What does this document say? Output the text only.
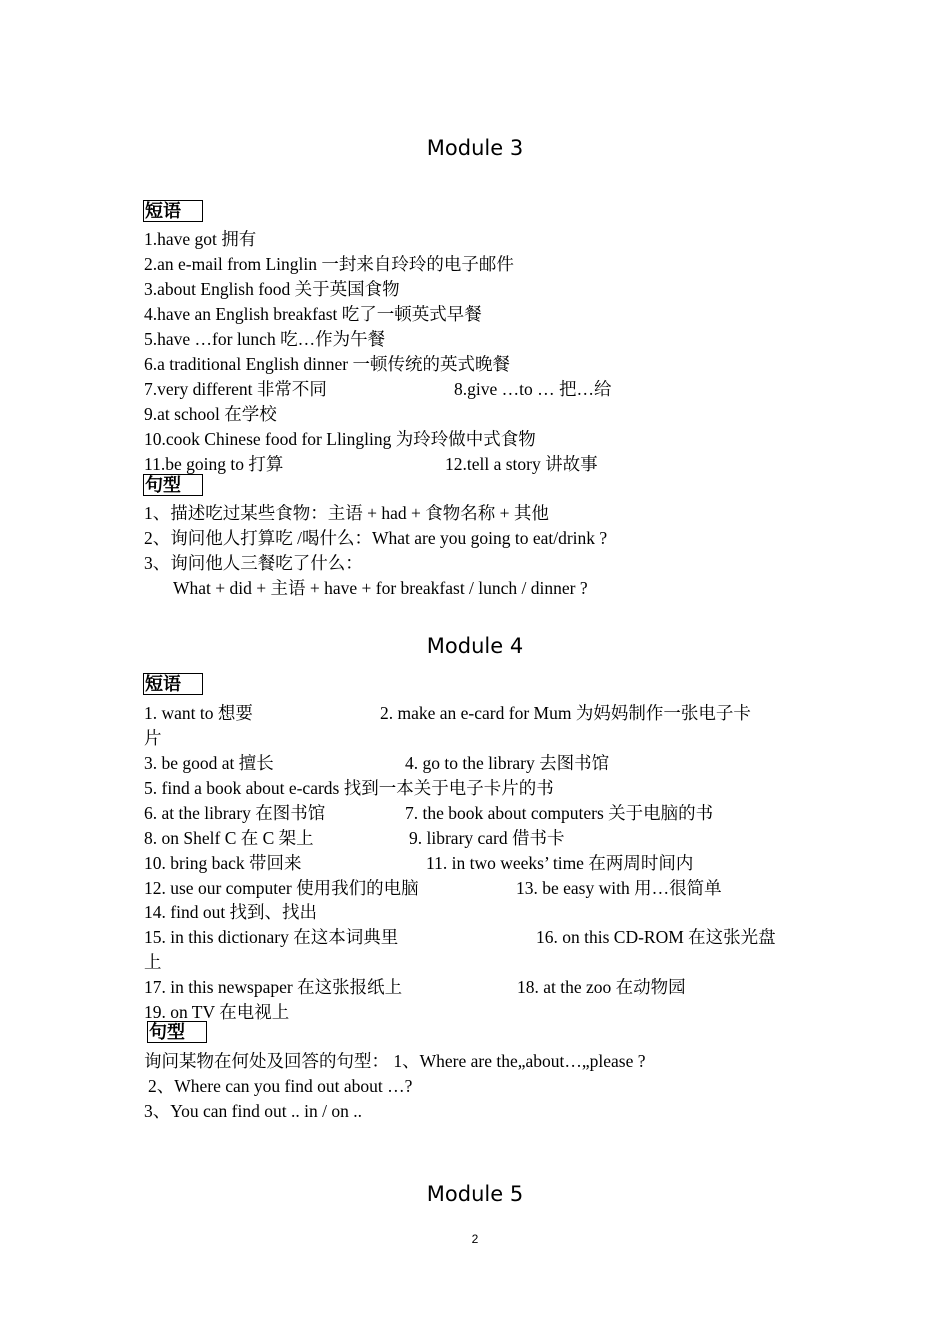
Module 3
短语
1.have got 拥有
2.an e-mail from Linglin 一封来自玲玲的电子邮件
3.about English food 关于英国食物
4.have an English breakfast 吃了一顿英式早餐
5.have …for lunch 吃…作为午餐
6.a traditional English dinner 一顿传统的英式晚餐
7.very different 非常不同	8.give …to … 把…给
9.at school 在学校
10.cook Chinese food for Llingling 为玲玲做中式食物
11.be going to 打算	12.tell a story 讲故事
句型
1、描述吃过某些食物：主语 + had + 食物名称 + 其他
2、询问他人打算吃 /喝什么：What are you going to eat/drink ?
3、询问他人三餐吃了什么：
What + did + 主语 + have + for breakfast / lunch / dinner ?
Module 4
短语
1. want to 想要	2. make an e-card for Mum 为妈妈制作一张电子卡
片
3. be good at 擅长	4. go to the library 去图书馆
5. find a book about e-cards 找到一本关于电子卡片的书
6. at the library 在图书馆	7. the book about computers 关于电脑的书
8. on Shelf C 在 C 架上	9. library card 借书卡
10. bring back 带回来	11. in two weeks’ time 在两周时间内
12. use our computer 使用我们的电脑	13. be easy with 用…很简单
14. find out 找到、找出
15. in this dictionary 在这本词典里	16. on this CD-ROM 在这张光盘
上
17. in this newspaper 在这张报纸上	18. at the zoo 在动物园
19. on TV 在电视上
句型
询问某物在何处及回答的句型： 1、Where are the„about…„please ?
2、Where can you find out about …?
3、You can find out .. in / on ..
Module 5
2
